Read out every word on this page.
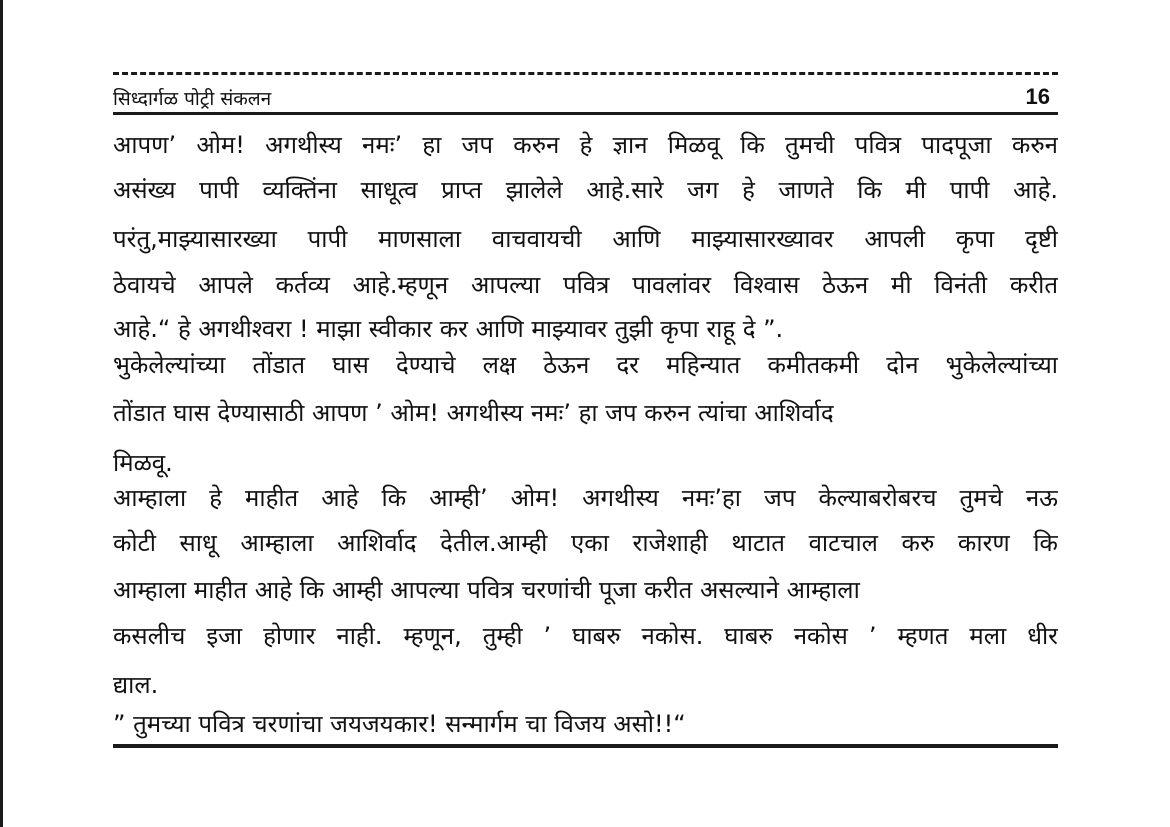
सिध्दार्गळ पोट्री संकलन	16
आपण’ ओम! अगथीस्य नमः’ हा जप करुन हे ज्ञान मिळवू कि तुमची पवित्र पादपूजा करुन
असंख्य पापी व्यक्तिंना साधूत्व प्राप्त झालेले आहे.सारे जग हे जाणते कि मी पापी आहे.
परंतु,माझ्यासारख्या पापी माणसाला वाचवायची आणि माझ्यासारख्यावर आपली कृपा दृष्टी
ठेवायचे आपले कर्तव्य आहे.म्हणून आपल्या पवित्र पावलांवर विश्वास ठेऊन मी विनंती करीत
आहे.“ हे अगथीश्वरा ! माझा स्वीकार कर आणि माझ्यावर तुझी कृपा राहू दे ”.
भुकेलेल्यांच्या तोंडात घास देण्याचे लक्ष ठेऊन दर महिन्यात कमीतकमी दोन भुकेलेल्यांच्या
तोंडात घास देण्यासाठी आपण ’ ओम! अगथीस्य नमः’ हा जप करुन त्यांचा आशिर्वाद
मिळवू.
आम्हाला हे माहीत आहे कि आम्ही’ ओम! अगथीस्य नमः’हा जप केल्याबरोबरच तुमचे नऊ
कोटी साधू आम्हाला आशिर्वाद देतील.आम्ही एका राजेशाही थाटात वाटचाल करु कारण कि
आम्हाला माहीत आहे कि आम्ही आपल्या पवित्र चरणांची पूजा करीत असल्याने आम्हाला
कसलीच इजा होणार नाही. म्हणून, तुम्ही ’ घाबरु नकोस. घाबरु नकोस ’ म्हणत मला धीर
द्याल.
” तुमच्या पवित्र चरणांचा जयजयकार! सन्मार्गम चा विजय असो!!“
